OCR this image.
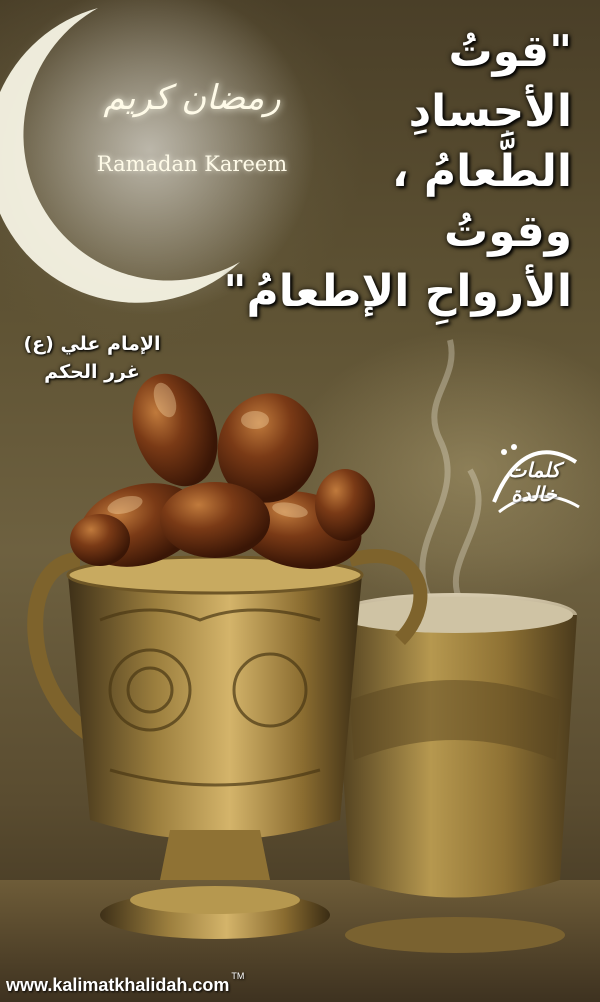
رمضان كريم
Ramadan Kareem
"قوتُ
الأجسادِ
الطَّعامُ ،
وقوتُ
الأرواحِ الإطعامُ"
الإمام علي (ع)
غرر الحكم
كلمات خالدة
www.kalimatkhalidah.com ™
